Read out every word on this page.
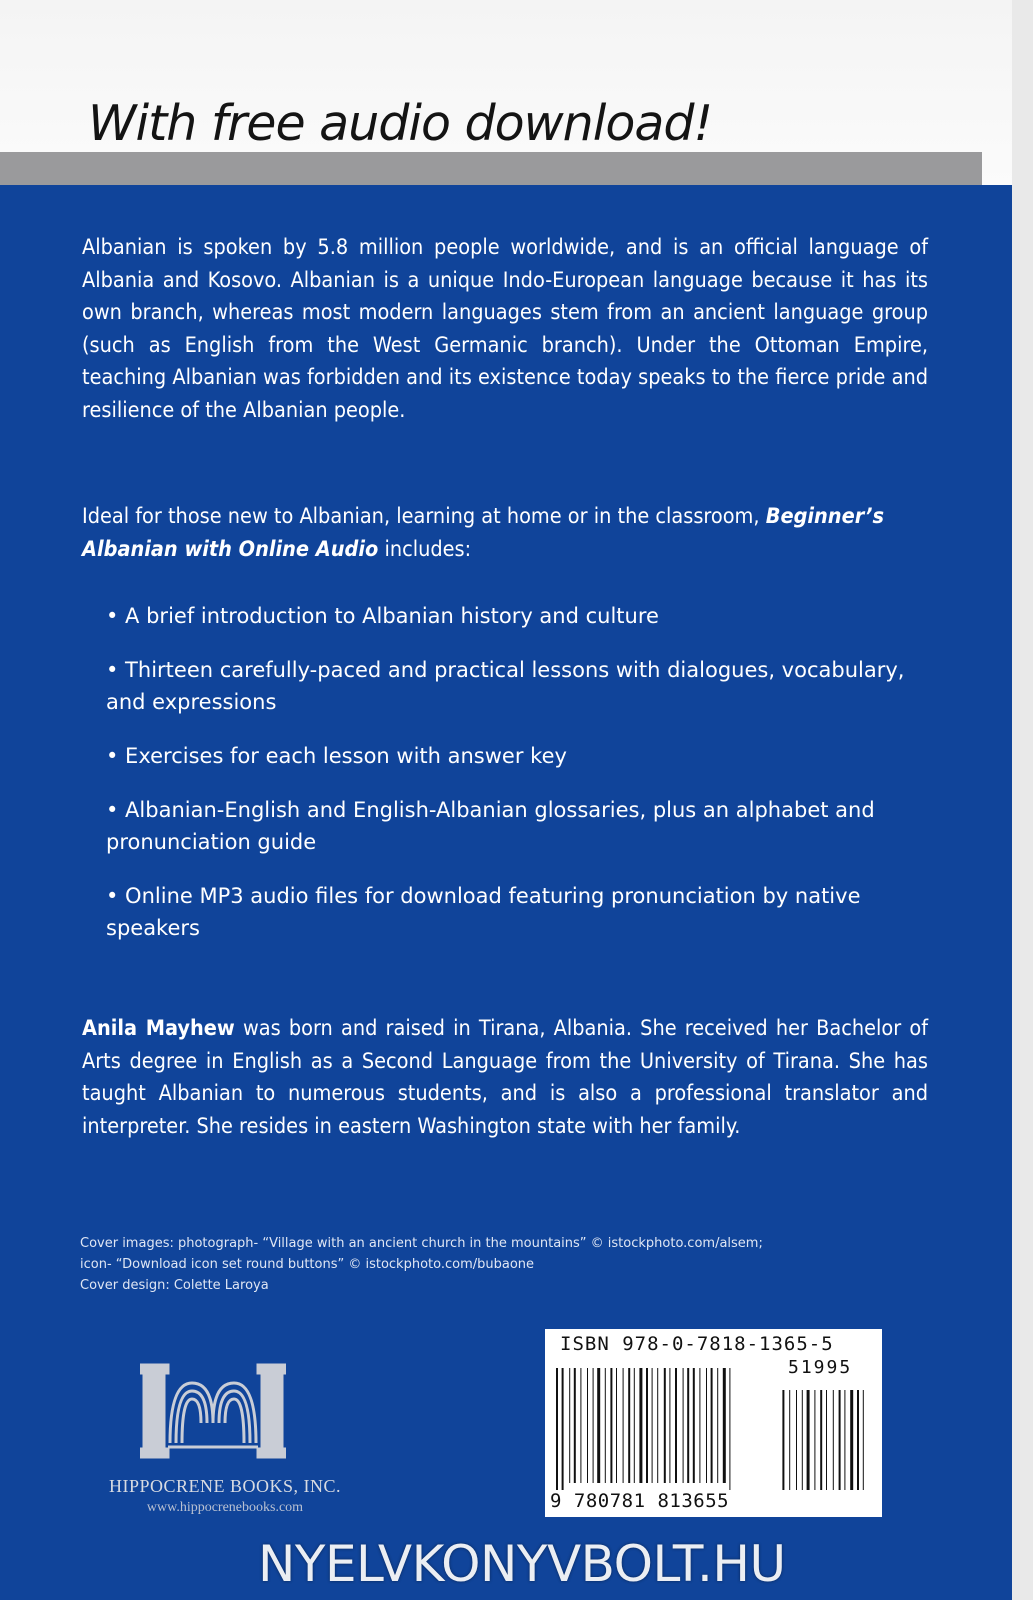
With free audio download!
Albanian is spoken by 5.8 million people worldwide, and is an official language of Albania and Kosovo. Albanian is a unique Indo-European language because it has its own branch, whereas most modern languages stem from an ancient language group (such as English from the West Germanic branch). Under the Ottoman Empire, teaching Albanian was forbidden and its existence today speaks to the fierce pride and resilience of the Albanian people.
Ideal for those new to Albanian, learning at home or in the classroom, Beginner’s Albanian with Online Audio includes:
• A brief introduction to Albanian history and culture
• Thirteen carefully-paced and practical lessons with dialogues, vocabulary, and expressions
• Exercises for each lesson with answer key
• Albanian-English and English-Albanian glossaries, plus an alphabet and pronunciation guide
• Online MP3 audio files for download featuring pronunciation by native speakers
Anila Mayhew was born and raised in Tirana, Albania. She received her Bachelor of Arts degree in English as a Second Language from the University of Tirana. She has taught Albanian to numerous students, and is also a professional translator and interpreter. She resides in eastern Washington state with her family.
Cover images: photograph- “Village with an ancient church in the mountains” © istockphoto.com/alsem;
icon- “Download icon set round buttons” © istockphoto.com/bubaone
Cover design: Colette Laroya
HIPPOCRENE BOOKS, INC.
www.hippocrenebooks.com
ISBN 978-0-7818-1365-5
51995
9 780781 813655
NYELVKONYVBOLT.HU
